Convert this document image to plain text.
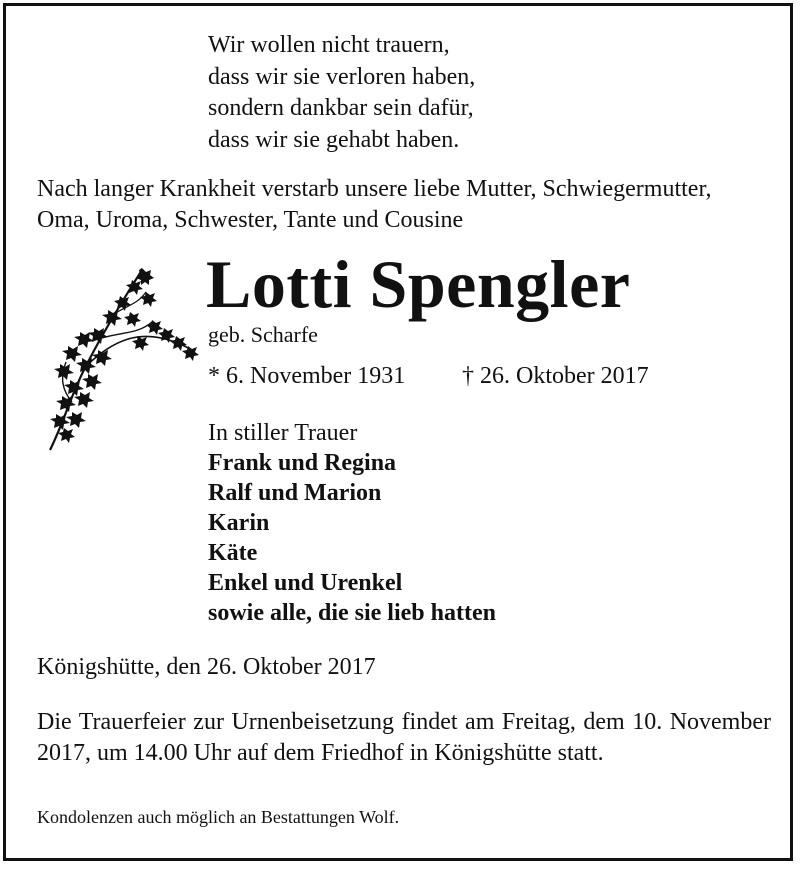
Wir wollen nicht trauern,
dass wir sie verloren haben,
sondern dankbar sein dafür,
dass wir sie gehabt haben.
Nach langer Krankheit verstarb unsere liebe Mutter, Schwiegermutter,
Oma, Uroma, Schwester, Tante und Cousine
Lotti Spengler
geb. Scharfe
* 6. November 1931 † 26. Oktober 2017
In stiller Trauer
Frank und Regina
Ralf und Marion
Karin
Käte
Enkel und Urenkel
sowie alle, die sie lieb hatten
Königshütte, den 26. Oktober 2017
Die Trauerfeier zur Urnenbeisetzung findet am Freitag, dem 10. November 2017, um 14.00 Uhr auf dem Friedhof in Königshütte statt.
Kondolenzen auch möglich an Bestattungen Wolf.
